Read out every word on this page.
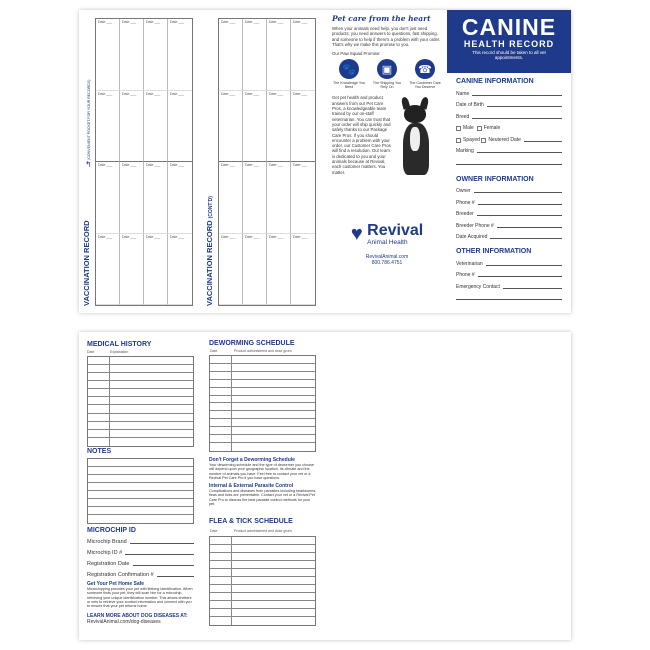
VACCINATION RECORD
(CONVENIENT POCKET FOR YOUR RECORDS)
↰
Date ___	Date ___	Date ___	Date ___
Date ___	Date ___	Date ___	Date ___
Date ___	Date ___	Date ___	Date ___
Date ___	Date ___	Date ___	Date ___	VACCINATION RECORD (CONT'D)
Date ___	Date ___	Date ___	Date ___
Date ___	Date ___	Date ___	Date ___
Date ___	Date ___	Date ___	Date ___
Date ___	Date ___	Date ___	Date ___
Pet care from the heart
When your animals need help, you don't just need products; you need answers to questions, fast shipping, and someone to help if there's a problem with your order. That's why we make this promise to you.
Our Paw Squad Promise:
🐾
The Knowledge You Need
▣
The Shipping You Rely On
☎
The Customer Care You Deserve
Get pet health and product answers from our Pet Care Pros, a knowledgeable team trained by our on-staff veterinarian. You can trust that your order will ship quickly and safely thanks to our Package Care Pros. If you should encounter a problem with your order, our Customer Care Pros will find a resolution. Our team is dedicated to you and your animals because at Revival, each customer matters. You matter.
♥ Revival
Animal Health
RevivalAnimal.com
800.786.4751
CANINE
HEALTH RECORD
This record should be taken to all vet appointments.
CANINE INFORMATION
Name
Date of Birth
Breed
Male
Female
Spayed
Neutered
Date
Marking
OWNER INFORMATION
Owner
Phone #
Breeder
Breeder Phone #
Date Acquired
OTHER INFORMATION
Veterinarian
Phone #
Emergency Contact
MEDICAL HISTORY
Date	Explanation
NOTES
MICROCHIP ID
Microchip Brand
Microchip ID #
Registration Date
Registration Confirmation #
Get Your Pet Home Safe
Microchipping provides your pet with lifelong identification. When someone finds your pet, they will scan him for a microchip, retrieving your unique identification number. This allows shelters or vets to retrieve your contact information and connect with you to ensure that your pet returns home.
LEARN MORE ABOUT DOG DISEASES AT:
RevivalAnimal.com/dog-diseases
DEWORMING SCHEDULE
Date	Product administered and dose given
Don't Forget a Deworming Schedule
Your deworming schedule and the type of dewormer you choose will depend upon your geographic location, its climate and the number of animals you have. Feel free to contact your vet or a Revival Pet Care Pro if you have questions.
Internal & External Parasite Control
Complications and diseases from parasites including heartworms, fleas and ticks are preventable. Contact your vet or a Revival Pet Care Pro to discuss the best parasite control methods for your pet.
FLEA & TICK SCHEDULE
Date	Product administered and dose given
